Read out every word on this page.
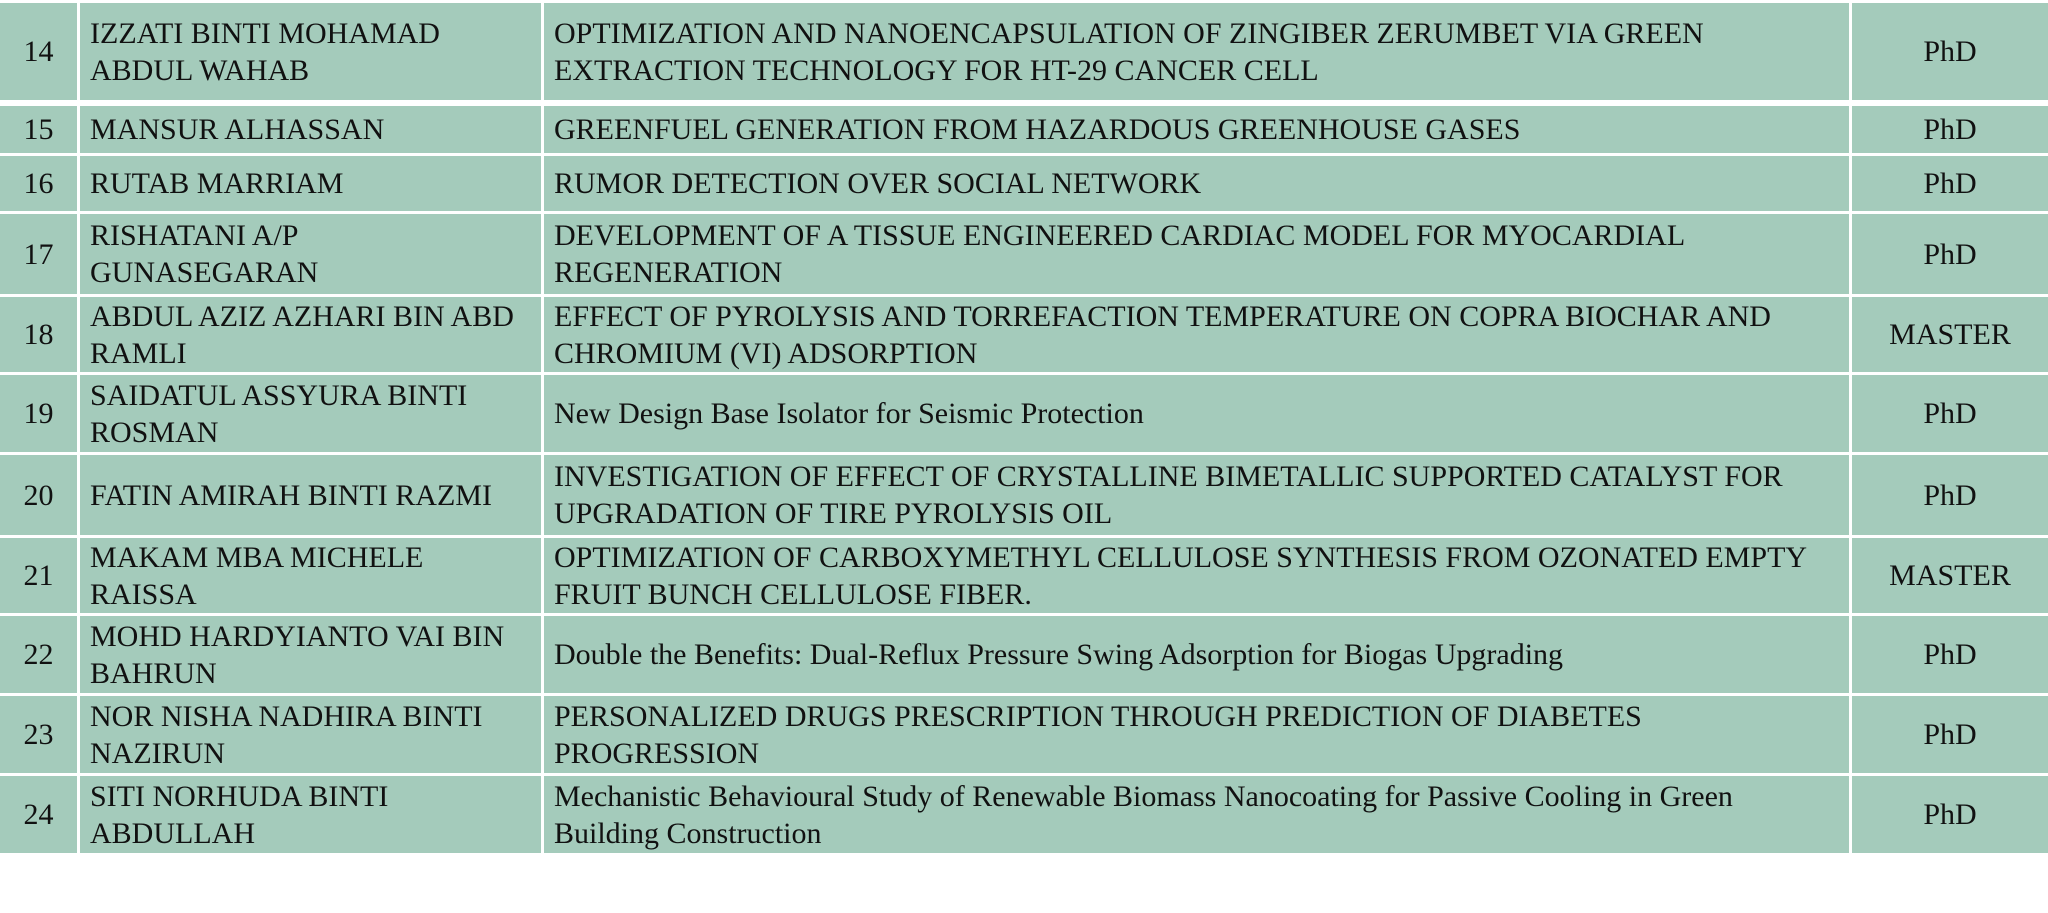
14	IZZATI BINTI MOHAMAD ABDUL WAHAB	OPTIMIZATION AND NANOENCAPSULATION OF ZINGIBER ZERUMBET VIA GREEN EXTRACTION TECHNOLOGY FOR HT-29 CANCER CELL	PhD

15	MANSUR ALHASSAN	GREENFUEL GENERATION FROM HAZARDOUS GREENHOUSE GASES	PhD
16	RUTAB MARRIAM	RUMOR DETECTION OVER SOCIAL NETWORK	PhD
17	RISHATANI A/P GUNASEGARAN	DEVELOPMENT OF A TISSUE ENGINEERED CARDIAC MODEL FOR MYOCARDIAL REGENERATION	PhD
18	ABDUL AZIZ AZHARI BIN ABD RAMLI	EFFECT OF PYROLYSIS AND TORREFACTION TEMPERATURE ON COPRA BIOCHAR AND CHROMIUM (VI) ADSORPTION	MASTER
19	SAIDATUL ASSYURA BINTI ROSMAN	New Design Base Isolator for Seismic Protection	PhD
20	FATIN AMIRAH BINTI RAZMI	INVESTIGATION OF EFFECT OF CRYSTALLINE BIMETALLIC SUPPORTED CATALYST FOR UPGRADATION OF TIRE PYROLYSIS OIL	PhD
21	MAKAM MBA MICHELE RAISSA	OPTIMIZATION OF CARBOXYMETHYL CELLULOSE SYNTHESIS FROM OZONATED EMPTY FRUIT BUNCH CELLULOSE FIBER.	MASTER
22	MOHD HARDYIANTO VAI BIN BAHRUN	Double the Benefits: Dual-Reflux Pressure Swing Adsorption for Biogas Upgrading	PhD
23	NOR NISHA NADHIRA BINTI NAZIRUN	PERSONALIZED DRUGS PRESCRIPTION THROUGH PREDICTION OF DIABETES PROGRESSION	PhD
24	SITI NORHUDA BINTI ABDULLAH	Mechanistic Behavioural Study of Renewable Biomass Nanocoating for Passive Cooling in Green Building Construction	PhD
